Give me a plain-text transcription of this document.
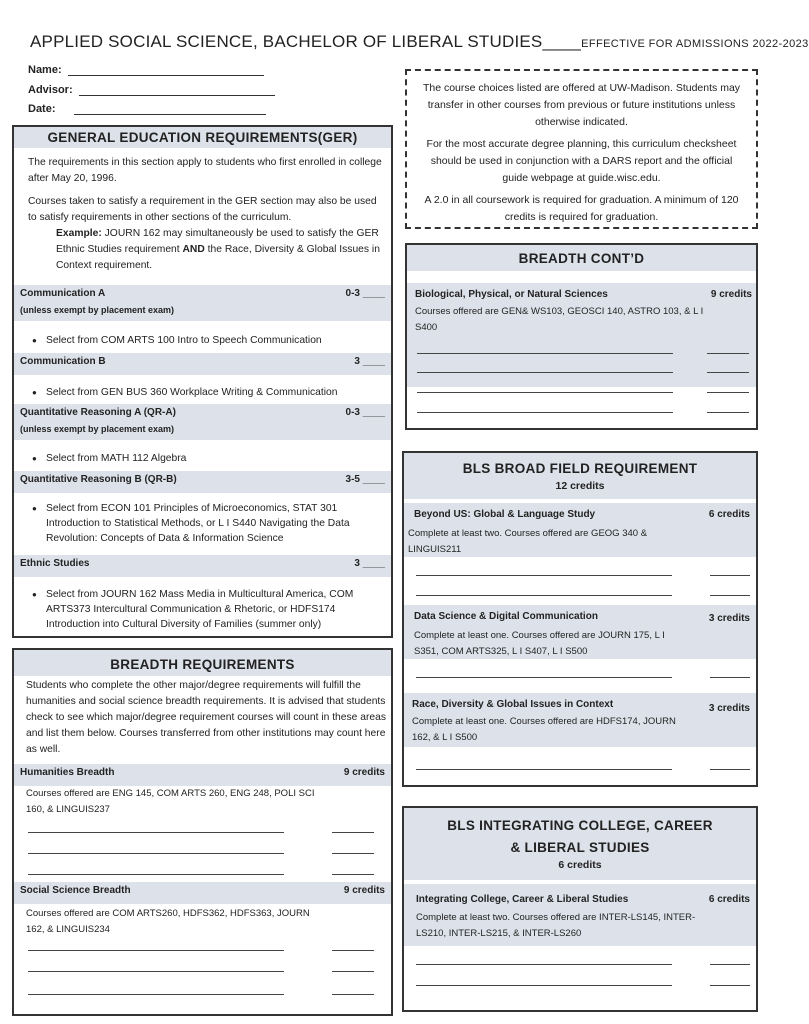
APPLIED SOCIAL SCIENCE, BACHELOR OF LIBERAL STUDIES____EFFECTIVE FOR ADMISSIONS 2022-2023
Name:
Advisor:
Date:

The course choices listed are offered at UW-Madison. Students may transfer in other courses from previous or future institutions unless otherwise indicated.

For the most accurate degree planning, this curriculum checksheet should be used in conjunction with a DARS report and the official guide webpage at guide.wisc.edu.

A 2.0 in all coursework is required for graduation. A minimum of 120 credits is required for graduation.

GENERAL EDUCATION REQUIREMENTS(GER)
The requirements in this section apply to students who first enrolled in college after May 20, 1996.
Courses taken to satisfy a requirement in the GER section may also be used to satisfy requirements in other sections of the curriculum.
Example: JOURN 162 may simultaneously be used to satisfy the GER Ethnic Studies requirement AND the Race, Diversity & Global Issues in Context requirement.
Communication A	0-3 ____
(unless exempt by placement exam)
● Select from COM ARTS 100 Intro to Speech Communication
Communication B	3 ____
● Select from GEN BUS 360 Workplace Writing & Communication
Quantitative Reasoning A (QR-A)	0-3 ____
(unless exempt by placement exam)
● Select from MATH 112 Algebra
Quantitative Reasoning B (QR-B)	3-5 ____
● Select from ECON 101 Principles of Microeconomics, STAT 301 Introduction to Statistical Methods, or L I S440 Navigating the Data Revolution: Concepts of Data & Information Science
Ethnic Studies	3 ____
● Select from JOURN 162 Mass Media in Multicultural America, COM ARTS373 Intercultural Communication & Rhetoric, or HDFS174 Introduction into Cultural Diversity of Families (summer only)
BREADTH REQUIREMENTS
Students who complete the other major/degree requirements will fulfill the humanities and social science breadth requirements. It is advised that students check to see which major/degree requirement courses will count in these areas and list them below. Courses transferred from other institutions may count here as well.
Humanities Breadth	9 credits
Courses offered are ENG 145, COM ARTS 260, ENG 248, POLI SCI 160, & LINGUIS237
Social Science Breadth	9 credits
Courses offered are COM ARTS260, HDFS362, HDFS363, JOURN 162, & LINGUIS234
BREADTH CONT’D
Biological, Physical, or Natural Sciences	9 credits
Courses offered are GEN& WS103, GEOSCI 140, ASTRO 103, & L I S400
BLS BROAD FIELD REQUIREMENT
12 credits
Beyond US: Global & Language Study	6 credits
Complete at least two. Courses offered are GEOG 340 & LINGUIS211
Data Science & Digital Communication	3 credits
Complete at least one. Courses offered are JOURN 175, L I S351, COM ARTS325, L I S407, L I S500
Race, Diversity & Global Issues in Context	3 credits
Complete at least one. Courses offered are HDFS174, JOURN 162, & L I S500
BLS INTEGRATING COLLEGE, CAREER
& LIBERAL STUDIES
6 credits
Integrating College, Career & Liberal Studies	6 credits
Complete at least two. Courses offered are INTER-LS145, INTER-LS210, INTER-LS215, & INTER-LS260
